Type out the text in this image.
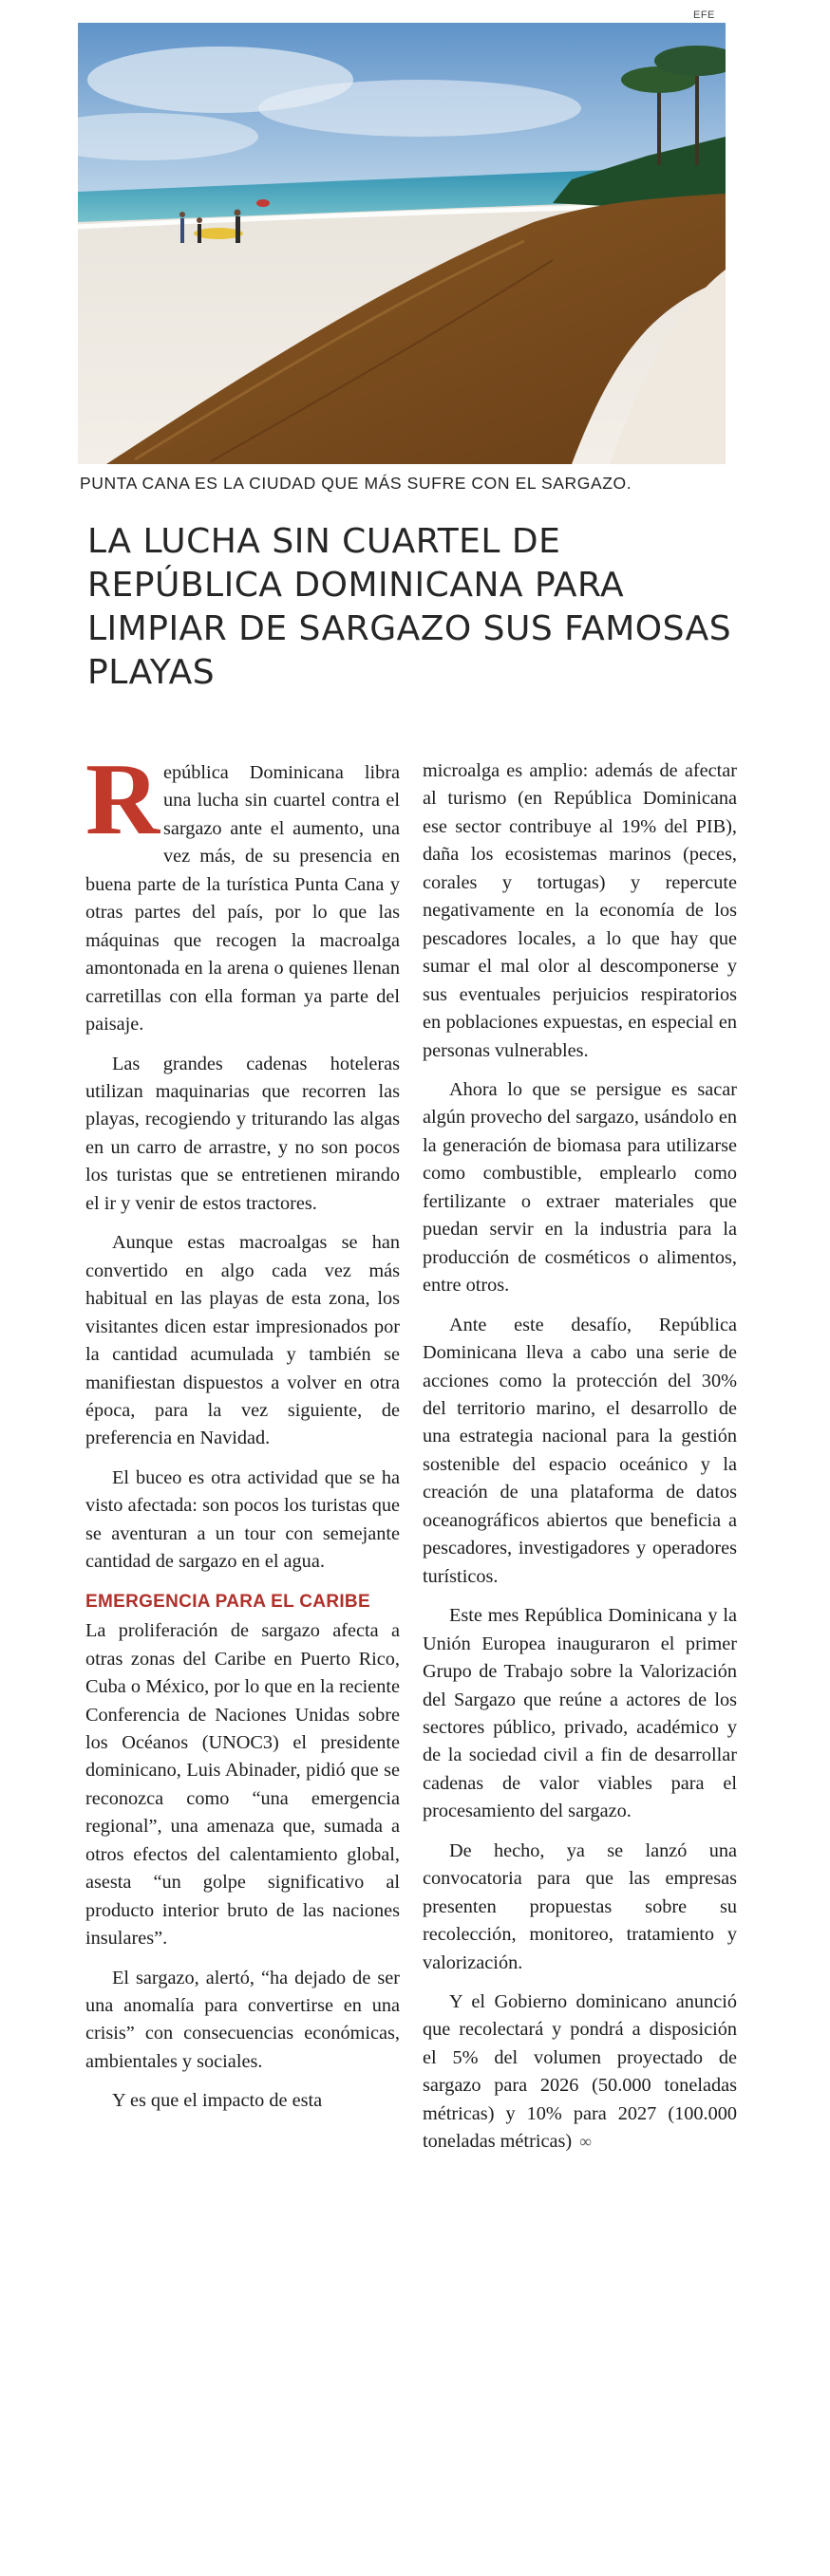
EFE
PUNTA CANA ES LA CIUDAD QUE MÁS SUFRE CON EL SARGAZO.
LA LUCHA SIN CUARTEL DE REPÚBLICA DOMINICANA PARA LIMPIAR DE SARGAZO SUS FAMOSAS PLAYAS

República Dominicana libra una lucha sin cuartel contra el sargazo ante el aumento, una vez más, de su presencia en buena parte de la turística Punta Cana y otras partes del país, por lo que las máquinas que recogen la macroalga amontonada en la arena o quienes llenan carretillas con ella forman ya parte del paisaje.

Las grandes cadenas hoteleras utilizan maquinarias que recorren las playas, recogiendo y triturando las algas en un carro de arrastre, y no son pocos los turistas que se entretienen mirando el ir y venir de estos tractores.

Aunque estas macroalgas se han convertido en algo cada vez más habitual en las playas de esta zona, los visitantes dicen estar impresionados por la cantidad acumulada y también se manifiestan dispuestos a volver en otra época, para la vez siguiente, de preferencia en Navidad.

El buceo es otra actividad que se ha visto afectada: son pocos los turistas que se aventuran a un tour con semejante cantidad de sargazo en el agua.

EMERGENCIA PARA EL CARIBE

La proliferación de sargazo afecta a otras zonas del Caribe en Puerto Rico, Cuba o México, por lo que en la reciente Conferencia de Naciones Unidas sobre los Océanos (UNOC3) el presidente dominicano, Luis Abinader, pidió que se reconozca como “una emergencia regional”, una amenaza que, sumada a otros efectos del calentamiento global, asesta “un golpe significativo al producto interior bruto de las naciones insulares”.

El sargazo, alertó, “ha dejado de ser una anomalía para convertirse en una crisis” con consecuencias económicas, ambientales y sociales.

Y es que el impacto de esta

microalga es amplio: además de afectar al turismo (en República Dominicana ese sector contribuye al 19% del PIB), daña los ecosistemas marinos (peces, corales y tortugas) y repercute negativamente en la economía de los pescadores locales, a lo que hay que sumar el mal olor al descomponerse y sus eventuales perjuicios respiratorios en poblaciones expuestas, en especial en personas vulnerables.

Ahora lo que se persigue es sacar algún provecho del sargazo, usándolo en la generación de biomasa para utilizarse como combustible, emplearlo como fertilizante o extraer materiales que puedan servir en la industria para la producción de cosméticos o alimentos, entre otros.

Ante este desafío, República Dominicana lleva a cabo una serie de acciones como la protección del 30% del territorio marino, el desarrollo de una estrategia nacional para la gestión sostenible del espacio oceánico y la creación de una plataforma de datos oceanográficos abiertos que beneficia a pescadores, investigadores y operadores turísticos.

Este mes República Dominicana y la Unión Europea inauguraron el primer Grupo de Trabajo sobre la Valorización del Sargazo que reúne a actores de los sectores público, privado, académico y de la sociedad civil a fin de desarrollar cadenas de valor viables para el procesamiento del sargazo.

De hecho, ya se lanzó una convocatoria para que las empresas presenten propuestas sobre su recolección, monitoreo, tratamiento y valorización.

Y el Gobierno dominicano anunció que recolectará y pondrá a disposición el 5% del volumen proyectado de sargazo para 2026 (50.000 toneladas métricas) y 10% para 2027 (100.000 toneladas métricas) ∞
